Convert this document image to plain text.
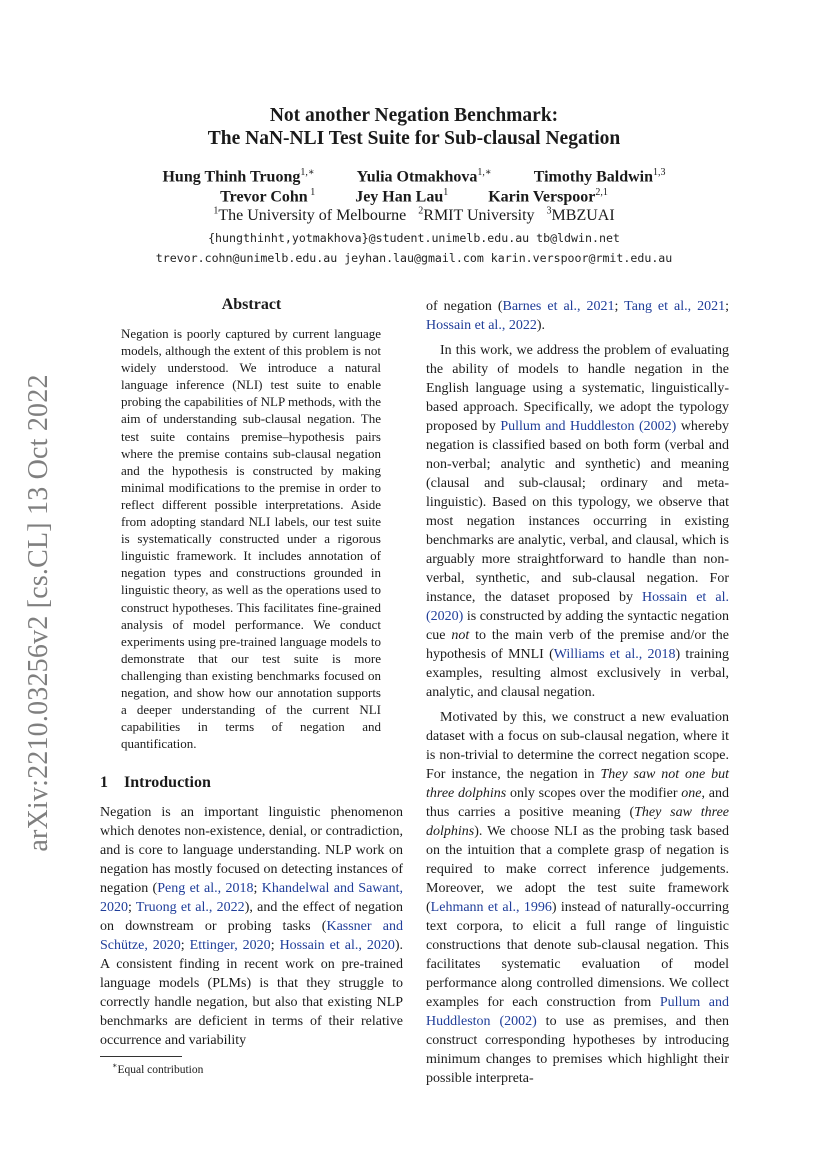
arXiv:2210.03256v2 [cs.CL] 13 Oct 2022
Not another Negation Benchmark:
The NaN-NLI Test Suite for Sub-clausal Negation
Hung Thinh Truong$^{1,∗}$	Yulia Otmakhova$^{1,∗}$	Timothy Baldwin$^{1,3}$
Trevor Cohn $^1$	Jey Han Lau$^1$	Karin Verspoor$^{2,1}$
$^1$The University of Melbourne $^2$RMIT University $^3$MBZUAI
{hungthinht,yotmakhova}@student.unimelb.edu.au tb@ldwin.net
trevor.cohn@unimelb.edu.au jeyhan.lau@gmail.com karin.verspoor@rmit.edu.au
Abstract

Negation is poorly captured by current language models, although the extent of this problem is not widely understood. We introduce a natural language inference (NLI) test suite to enable probing the capabilities of NLP methods, with the aim of understanding sub-clausal negation. The test suite contains premise–hypothesis pairs where the premise contains sub-clausal negation and the hypothesis is constructed by making minimal modifications to the premise in order to reflect different possible interpretations. Aside from adopting standard NLI labels, our test suite is systematically constructed under a rigorous linguistic framework. It includes annotation of negation types and constructions grounded in linguistic theory, as well as the operations used to construct hypotheses. This facilitates fine-grained analysis of model performance. We conduct experiments using pre-trained language models to demonstrate that our test suite is more challenging than existing benchmarks focused on negation, and show how our annotation supports a deeper understanding of the current NLI capabilities in terms of negation and quantification.

1 Introduction

Negation is an important linguistic phenomenon which denotes non-existence, denial, or contradiction, and is core to language understanding. NLP work on negation has mostly focused on detecting instances of negation (Peng et al., 2018; Khandelwal and Sawant, 2020; Truong et al., 2022), and the effect of negation on downstream or probing tasks (Kassner and Schütze, 2020; Ettinger, 2020; Hossain et al., 2020). A consistent finding in recent work on pre-trained language models (PLMs) is that they struggle to correctly handle negation, but also that existing NLP benchmarks are deficient in terms of their relative occurrence and variability

of negation (Barnes et al., 2021; Tang et al., 2021; Hossain et al., 2022).

In this work, we address the problem of evaluating the ability of models to handle negation in the English language using a systematic, linguistically-based approach. Specifically, we adopt the typology proposed by Pullum and Huddleston (2002) whereby negation is classified based on both form (verbal and non-verbal; analytic and synthetic) and meaning (clausal and sub-clausal; ordinary and meta-linguistic). Based on this typology, we observe that most negation instances occurring in existing benchmarks are analytic, verbal, and clausal, which is arguably more straightforward to handle than non-verbal, synthetic, and sub-clausal negation. For instance, the dataset proposed by Hossain et al. (2020) is constructed by adding the syntactic negation cue not to the main verb of the premise and/or the hypothesis of MNLI (Williams et al., 2018) training examples, resulting almost exclusively in verbal, analytic, and clausal negation.

Motivated by this, we construct a new evaluation dataset with a focus on sub-clausal negation, where it is non-trivial to determine the correct negation scope. For instance, the negation in They saw not one but three dolphins only scopes over the modifier one, and thus carries a positive meaning (They saw three dolphins). We choose NLI as the probing task based on the intuition that a complete grasp of negation is required to make correct inference judgements. Moreover, we adopt the test suite framework (Lehmann et al., 1996) instead of naturally-occurring text corpora, to elicit a full range of linguistic constructions that denote sub-clausal negation. This facilitates systematic evaluation of model performance along controlled dimensions. We collect examples for each construction from Pullum and Huddleston (2002) to use as premises, and then construct corresponding hypotheses by introducing minimum changes to premises which highlight their possible interpreta-

∗Equal contribution
